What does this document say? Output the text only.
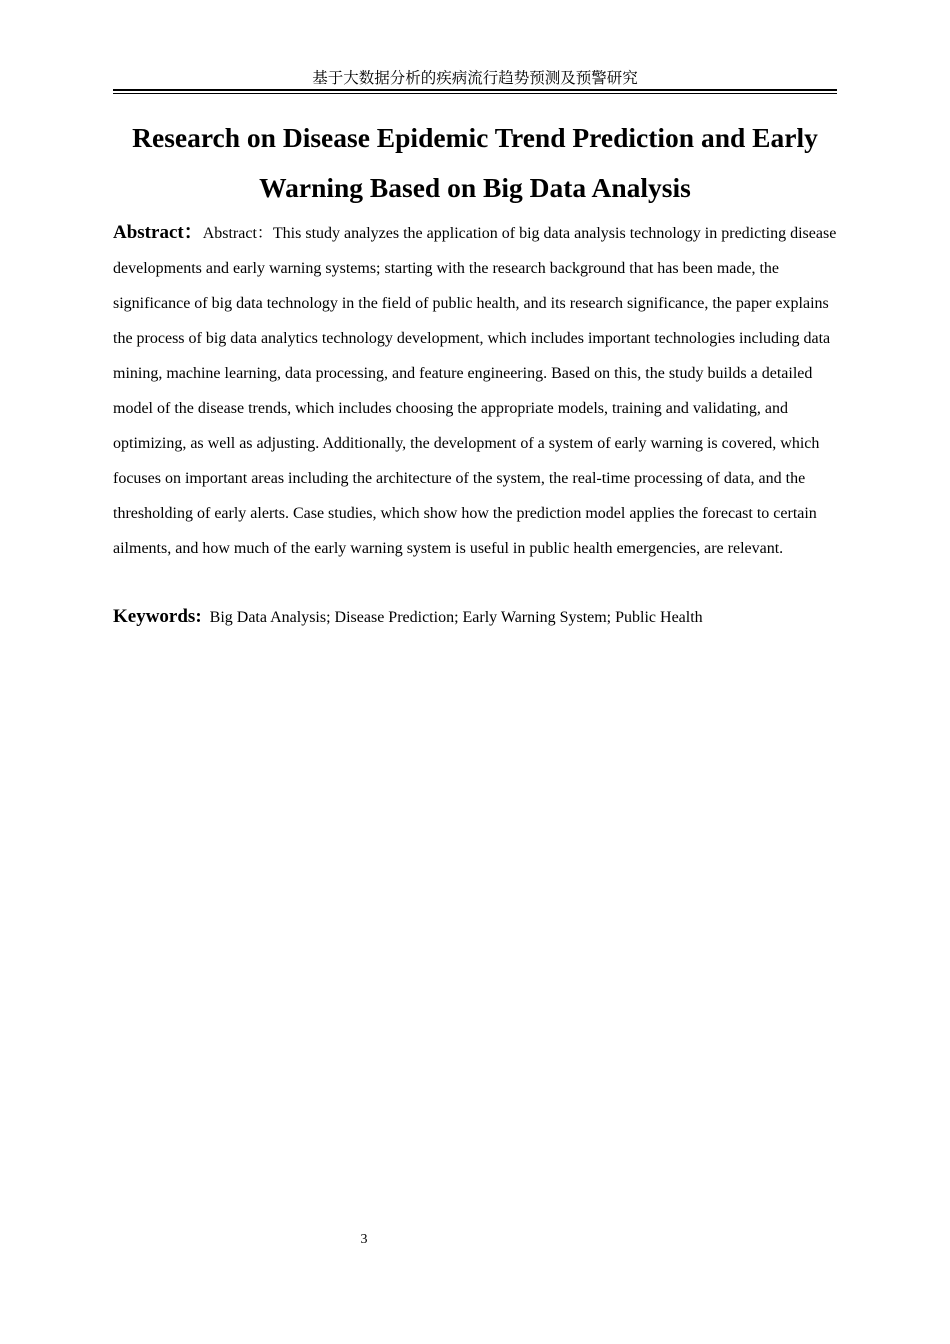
基于大数据分析的疾病流行趋势预测及预警研究
Research on Disease Epidemic Trend Prediction and Early
Warning Based on Big Data Analysis

Abstract：Abstract：This study analyzes the application of big data analysis technology in predicting disease developments and early warning systems; starting with the research background that has been made, the significance of big data technology in the field of public health, and its research significance, the paper explains the process of big data analytics technology development, which includes important technologies including data mining, machine learning, data processing, and feature engineering. Based on this, the study builds a detailed model of the disease trends, which includes choosing the appropriate models, training and validating, and optimizing, as well as adjusting. Additionally, the development of a system of early warning is covered, which focuses on important areas including the architecture of the system, the real-time processing of data, and the thresholding of early alerts. Case studies, which show how the prediction model applies the forecast to certain ailments, and how much of the early warning system is useful in public health emergencies, are relevant.

Keywords: Big Data Analysis; Disease Prediction; Early Warning System; Public Health

3
